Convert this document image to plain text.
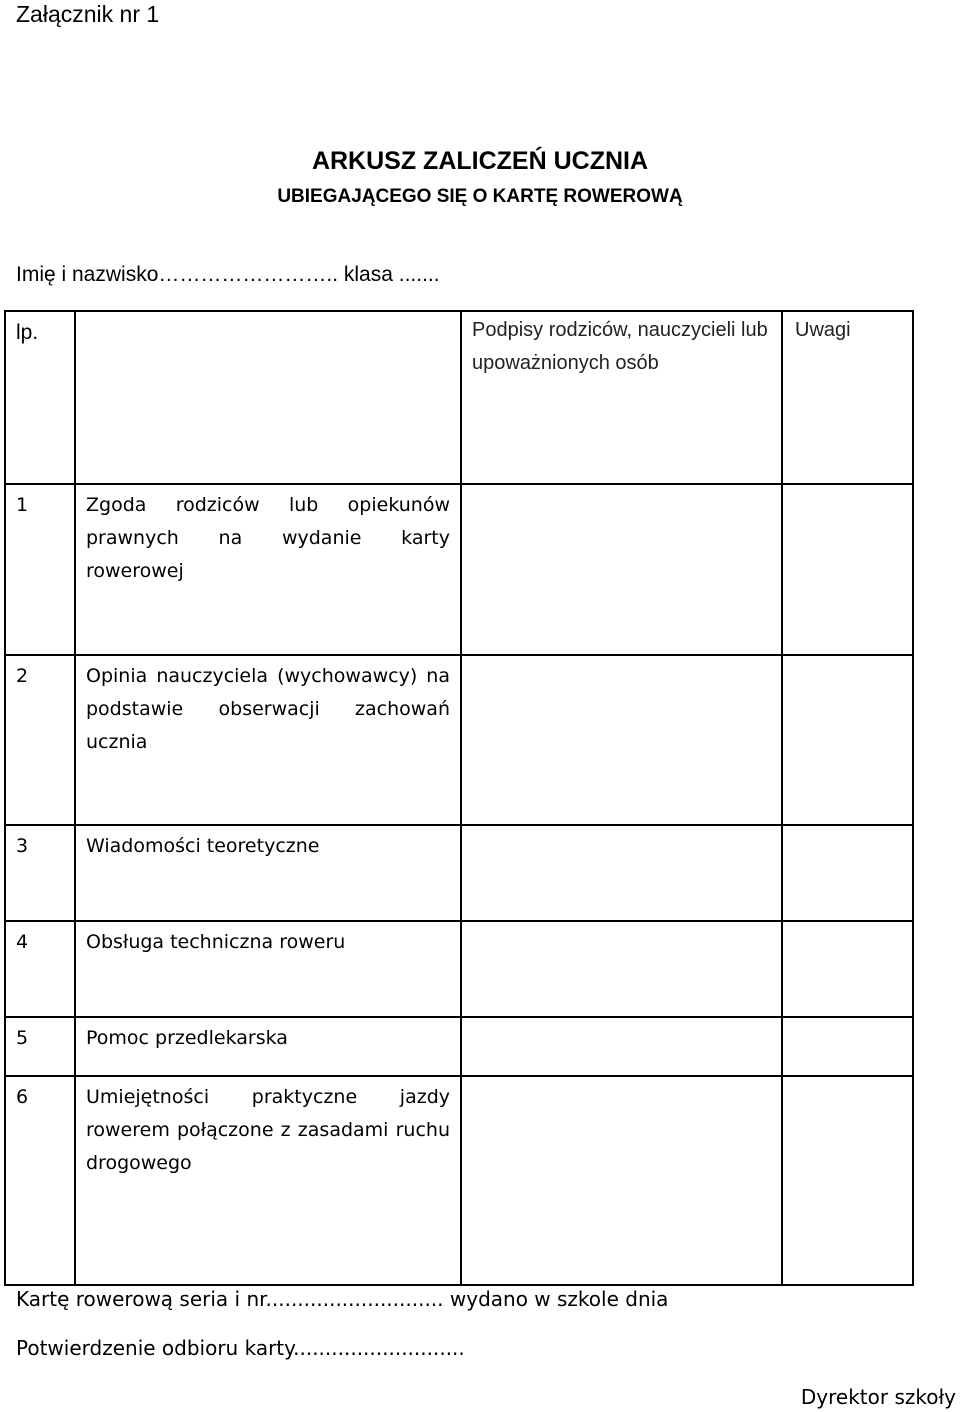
Załącznik nr 1
ARKUSZ ZALICZEŃ UCZNIA
UBIEGAJĄCEGO SIĘ O KARTĘ ROWEROWĄ
Imię i nazwisko…………………….. klasa .......
lp.		Podpisy rodziców, nauczycieli lub upoważnionych osób	Uwagi
1	Zgoda rodziców lub opiekunów prawnych na wydanie karty rowerowej		

2	Opinia nauczyciela (wychowawcy) na podstawie obserwacji zachowań ucznia		

3	Wiadomości teoretyczne		

4	Obsługa techniczna roweru		

5	Pomoc przedlekarska		

6	Umiejętności praktyczne jazdy rowerem połączone z zasadami ruchu drogowego		

Kartę rowerową seria i nr............................ wydano w szkole dnia
Potwierdzenie odbioru karty...........................
Dyrektor szkoły
